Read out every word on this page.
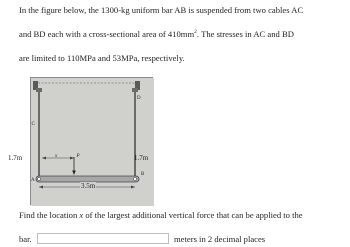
In the figure below, the 1300-kg uniform bar AB is suspended from two cables AC

and BD each with a cross-sectional area of $410mm^2$. The stresses in AC and BD

are limited to 110MPa and 53MPa, respectively.

C
D
x	P
A
B
1.7m	1.7m
3.5m

Find the location x of the largest additional vertical force that can be applied to the

bar.	meters in 2 decimal places
